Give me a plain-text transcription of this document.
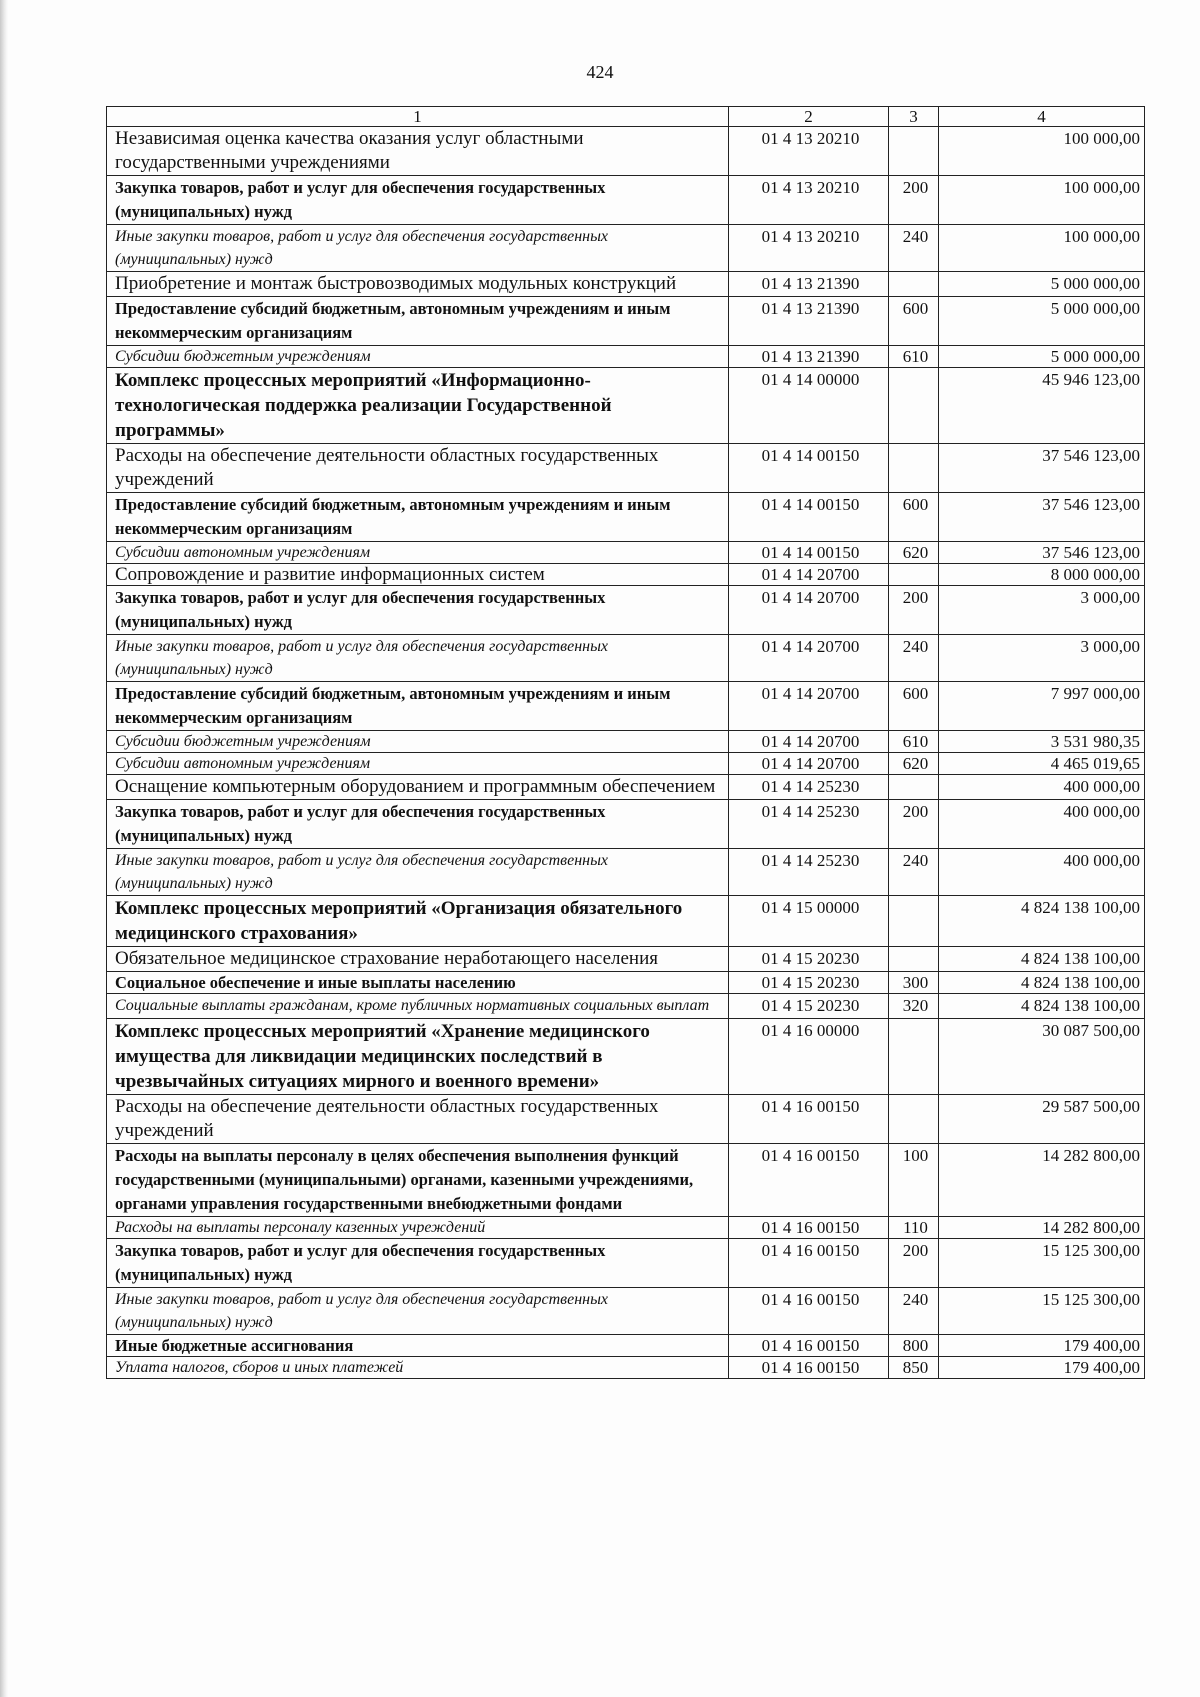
424
1	2	3	4
Независимая оценка качества оказания услуг областными государственными учреждениями	01 4 13 20210		100 000,00
Закупка товаров, работ и услуг для обеспечения государственных (муниципальных) нужд	01 4 13 20210	200	100 000,00
Иные закупки товаров, работ и услуг для обеспечения государственных (муниципальных) нужд	01 4 13 20210	240	100 000,00
Приобретение и монтаж быстровозводимых модульных конструкций	01 4 13 21390		5 000 000,00
Предоставление субсидий бюджетным, автономным учреждениям и иным некоммерческим организациям	01 4 13 21390	600	5 000 000,00
Субсидии бюджетным учреждениям	01 4 13 21390	610	5 000 000,00
Комплекс процессных мероприятий «Информационно-технологическая поддержка реализации Государственной программы»	01 4 14 00000		45 946 123,00
Расходы на обеспечение деятельности областных государственных учреждений	01 4 14 00150		37 546 123,00
Предоставление субсидий бюджетным, автономным учреждениям и иным некоммерческим организациям	01 4 14 00150	600	37 546 123,00
Субсидии автономным учреждениям	01 4 14 00150	620	37 546 123,00
Сопровождение и развитие информационных систем	01 4 14 20700		8 000 000,00
Закупка товаров, работ и услуг для обеспечения государственных (муниципальных) нужд	01 4 14 20700	200	3 000,00
Иные закупки товаров, работ и услуг для обеспечения государственных (муниципальных) нужд	01 4 14 20700	240	3 000,00
Предоставление субсидий бюджетным, автономным учреждениям и иным некоммерческим организациям	01 4 14 20700	600	7 997 000,00
Субсидии бюджетным учреждениям	01 4 14 20700	610	3 531 980,35
Субсидии автономным учреждениям	01 4 14 20700	620	4 465 019,65
Оснащение компьютерным оборудованием и программным обеспечением	01 4 14 25230		400 000,00
Закупка товаров, работ и услуг для обеспечения государственных (муниципальных) нужд	01 4 14 25230	200	400 000,00
Иные закупки товаров, работ и услуг для обеспечения государственных (муниципальных) нужд	01 4 14 25230	240	400 000,00
Комплекс процессных мероприятий «Организация обязательного медицинского страхования»	01 4 15 00000		4 824 138 100,00
Обязательное медицинское страхование неработающего населения	01 4 15 20230		4 824 138 100,00
Социальное обеспечение и иные выплаты населению	01 4 15 20230	300	4 824 138 100,00
Социальные выплаты гражданам, кроме публичных нормативных социальных выплат	01 4 15 20230	320	4 824 138 100,00
Комплекс процессных мероприятий «Хранение медицинского имущества для ликвидации медицинских последствий в чрезвычайных ситуациях мирного и военного времени»	01 4 16 00000		30 087 500,00
Расходы на обеспечение деятельности областных государственных учреждений	01 4 16 00150		29 587 500,00
Расходы на выплаты персоналу в целях обеспечения выполнения функций государственными (муниципальными) органами, казенными учреждениями, органами управления государственными внебюджетными фондами	01 4 16 00150	100	14 282 800,00
Расходы на выплаты персоналу казенных учреждений	01 4 16 00150	110	14 282 800,00
Закупка товаров, работ и услуг для обеспечения государственных (муниципальных) нужд	01 4 16 00150	200	15 125 300,00
Иные закупки товаров, работ и услуг для обеспечения государственных (муниципальных) нужд	01 4 16 00150	240	15 125 300,00
Иные бюджетные ассигнования	01 4 16 00150	800	179 400,00
Уплата налогов, сборов и иных платежей	01 4 16 00150	850	179 400,00
